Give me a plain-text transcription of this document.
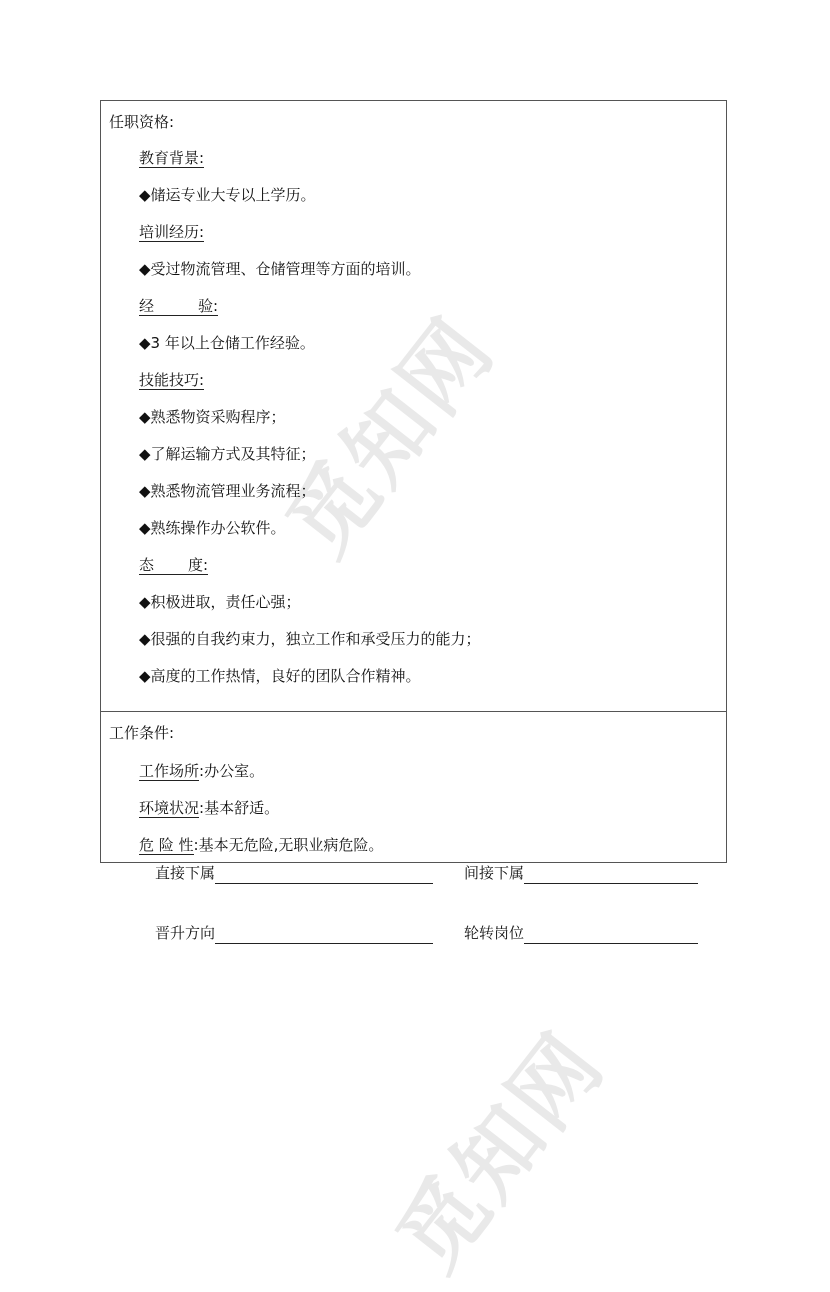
觅知网
觅知网
任职资格:
教育背景:
◆储运专业大专以上学历。
培训经历:
◆受过物流管理、仓储管理等方面的培训。
经	验:
◆3 年以上仓储工作经验。
技能技巧:
◆熟悉物资采购程序；
◆了解运输方式及其特征；
◆熟悉物流管理业务流程；
◆熟练操作办公软件。
态 度:
◆积极进取，责任心强；
◆很强的自我约束力，独立工作和承受压力的能力；
◆高度的工作热情，良好的团队合作精神。
工作条件:
工作场所:办公室。
环境状况:基本舒适。
危 险 性:基本无危险,无职业病危险。
直接下属	间接下属
晋升方向	轮转岗位
